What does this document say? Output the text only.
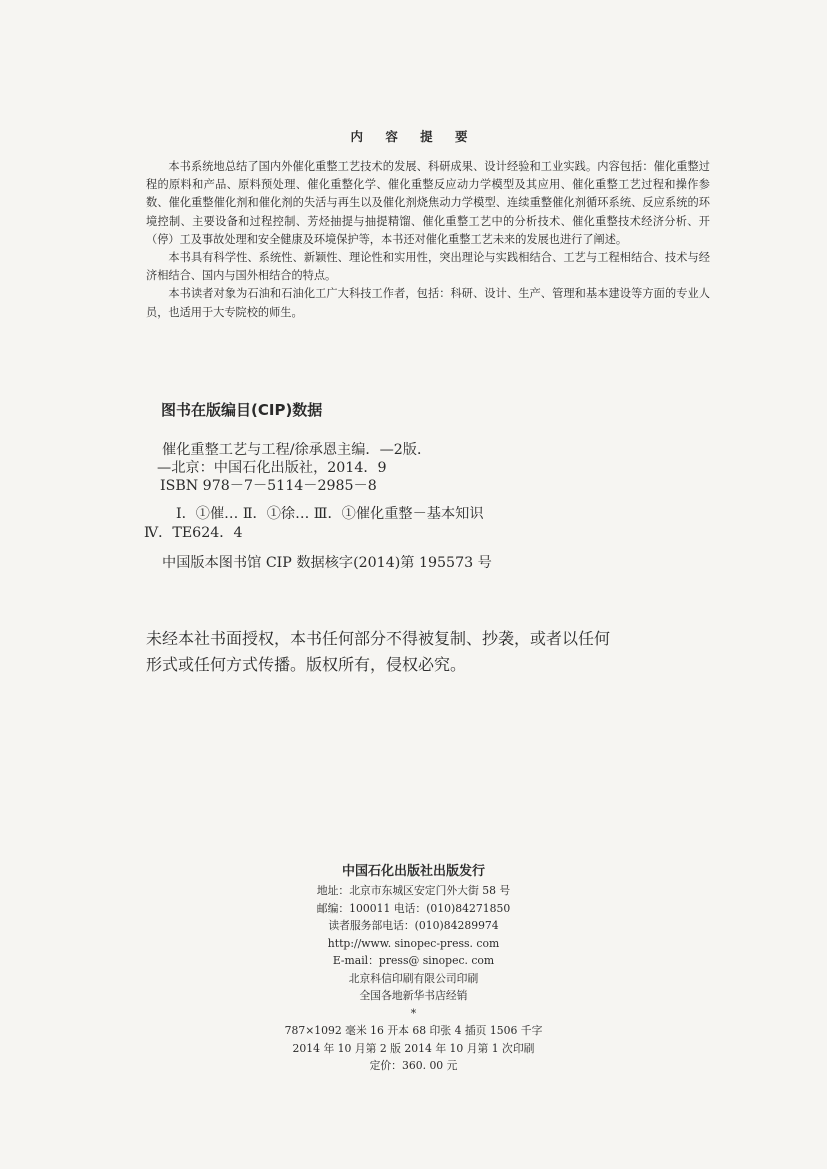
内 容 提 要

本书系统地总结了国内外催化重整工艺技术的发展、科研成果、设计经验和工业实践。内容包括：催化重整过程的原料和产品、原料预处理、催化重整化学、催化重整反应动力学模型及其应用、催化重整工艺过程和操作参数、催化重整催化剂和催化剂的失活与再生以及催化剂烧焦动力学模型、连续重整催化剂循环系统、反应系统的环境控制、主要设备和过程控制、芳烃抽提与抽提精馏、催化重整工艺中的分析技术、催化重整技术经济分析、开（停）工及事故处理和安全健康及环境保护等，本书还对催化重整工艺未来的发展也进行了阐述。

本书具有科学性、系统性、新颖性、理论性和实用性，突出理论与实践相结合、工艺与工程相结合、技术与经济相结合、国内与国外相结合的特点。

本书读者对象为石油和石油化工广大科技工作者，包括：科研、设计、生产、管理和基本建设等方面的专业人员，也适用于大专院校的师生。

图书在版编目(CIP)数据
催化重整工艺与工程/徐承恩主编．—2版．
—北京：中国石化出版社，2014．9
ISBN 978－7－5114－2985－8
Ⅰ．①催… Ⅱ．①徐… Ⅲ．①催化重整－基本知识
Ⅳ．TE624．4
中国版本图书馆 CIP 数据核字(2014)第 195573 号
未经本社书面授权，本书任何部分不得被复制、抄袭，或者以任何
形式或任何方式传播。版权所有，侵权必究。
中国石化出版社出版发行
地址：北京市东城区安定门外大街 58 号
邮编：100011 电话：(010)84271850
读者服务部电话：(010)84289974
http://www. sinopec-press. com
E-mail：press@ sinopec. com
北京科信印刷有限公司印刷
全国各地新华书店经销
*
787×1092 毫米 16 开本 68 印张 4 插页 1506 千字
2014 年 10 月第 2 版 2014 年 10 月第 1 次印刷
定价：360. 00 元
